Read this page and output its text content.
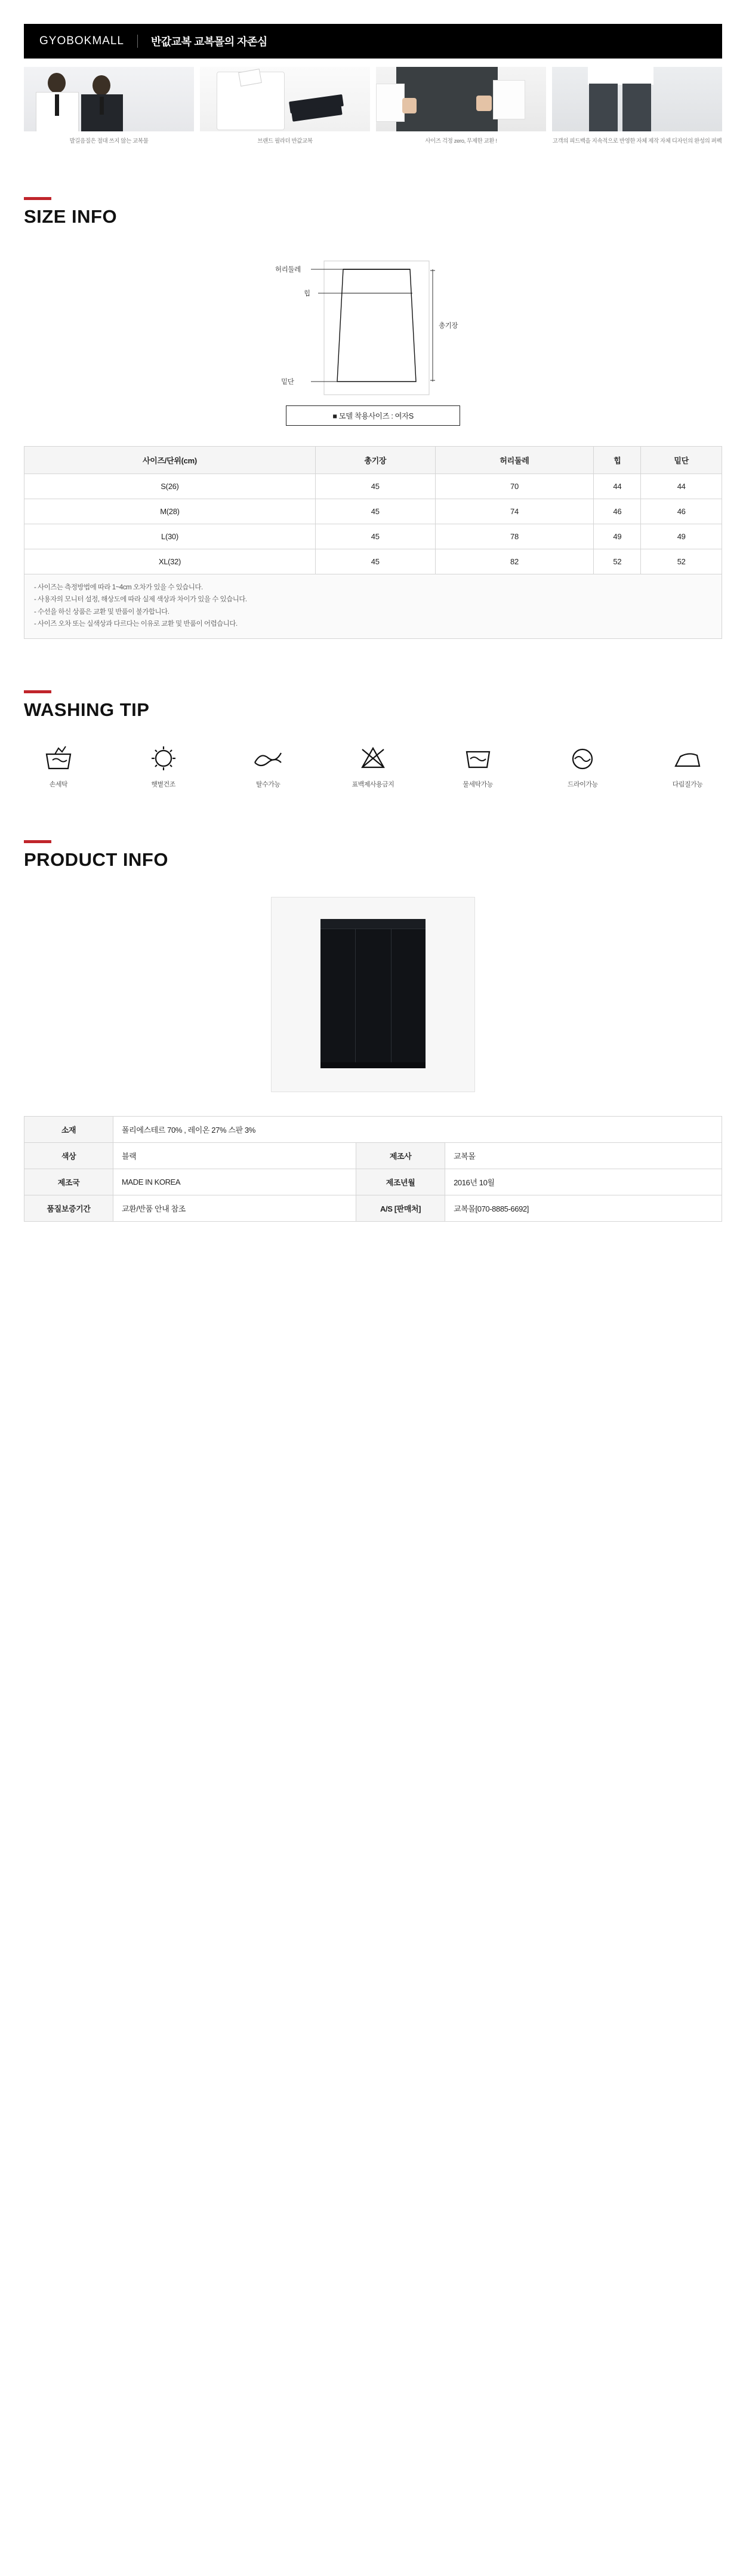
GYOBOKMALL	반값교복 교복몰의 자존심
발길음질은 절대 쓰지 않는 교복물	브랜드 필라더 반값교복	사이즈 걱정 zero, 무제한 교환 !	고객의 피드백을 지속적으로 반영한 자체 제작 자체 디자인의 완성의 퍼펙
SIZE INFO
허리둘레
힙
밑단
총기장
■ 모델 착용사이즈 : 여자S
사이즈/단위(cm)	총기장	허리둘레	힙	밑단
S(26)	45	70	44	44
M(28)	45	74	46	46
L(30)	45	78	49	49
XL(32)	45	82	52	52
- 사이즈는 측정방법에 따라 1~4cm 오차가 있을 수 있습니다.
- 사용자의 모니터 설정, 해상도에 따라 실제 색상과 차이가 있을 수 있습니다.
- 수선을 하신 상품은 교환 및 반품이 불가합니다.
- 사이즈 오차 또는 실색상과 다르다는 이유로 교환 및 반품이 어렵습니다.
WASHING TIP
손세탁	햇볕건조	탈수가능	표백제사용금지	물세탁가능	드라이가능	다림질가능
PRODUCT INFO
소재	폴리에스테르 70% , 레이온 27% 스판 3%		
색상	블랙	제조사	교복몰
제조국	MADE IN KOREA	제조년월	2016년 10월
품질보증기간	교환/반품 안내 참조	A/S [판매처]	교복몰[070-8885-6692]
